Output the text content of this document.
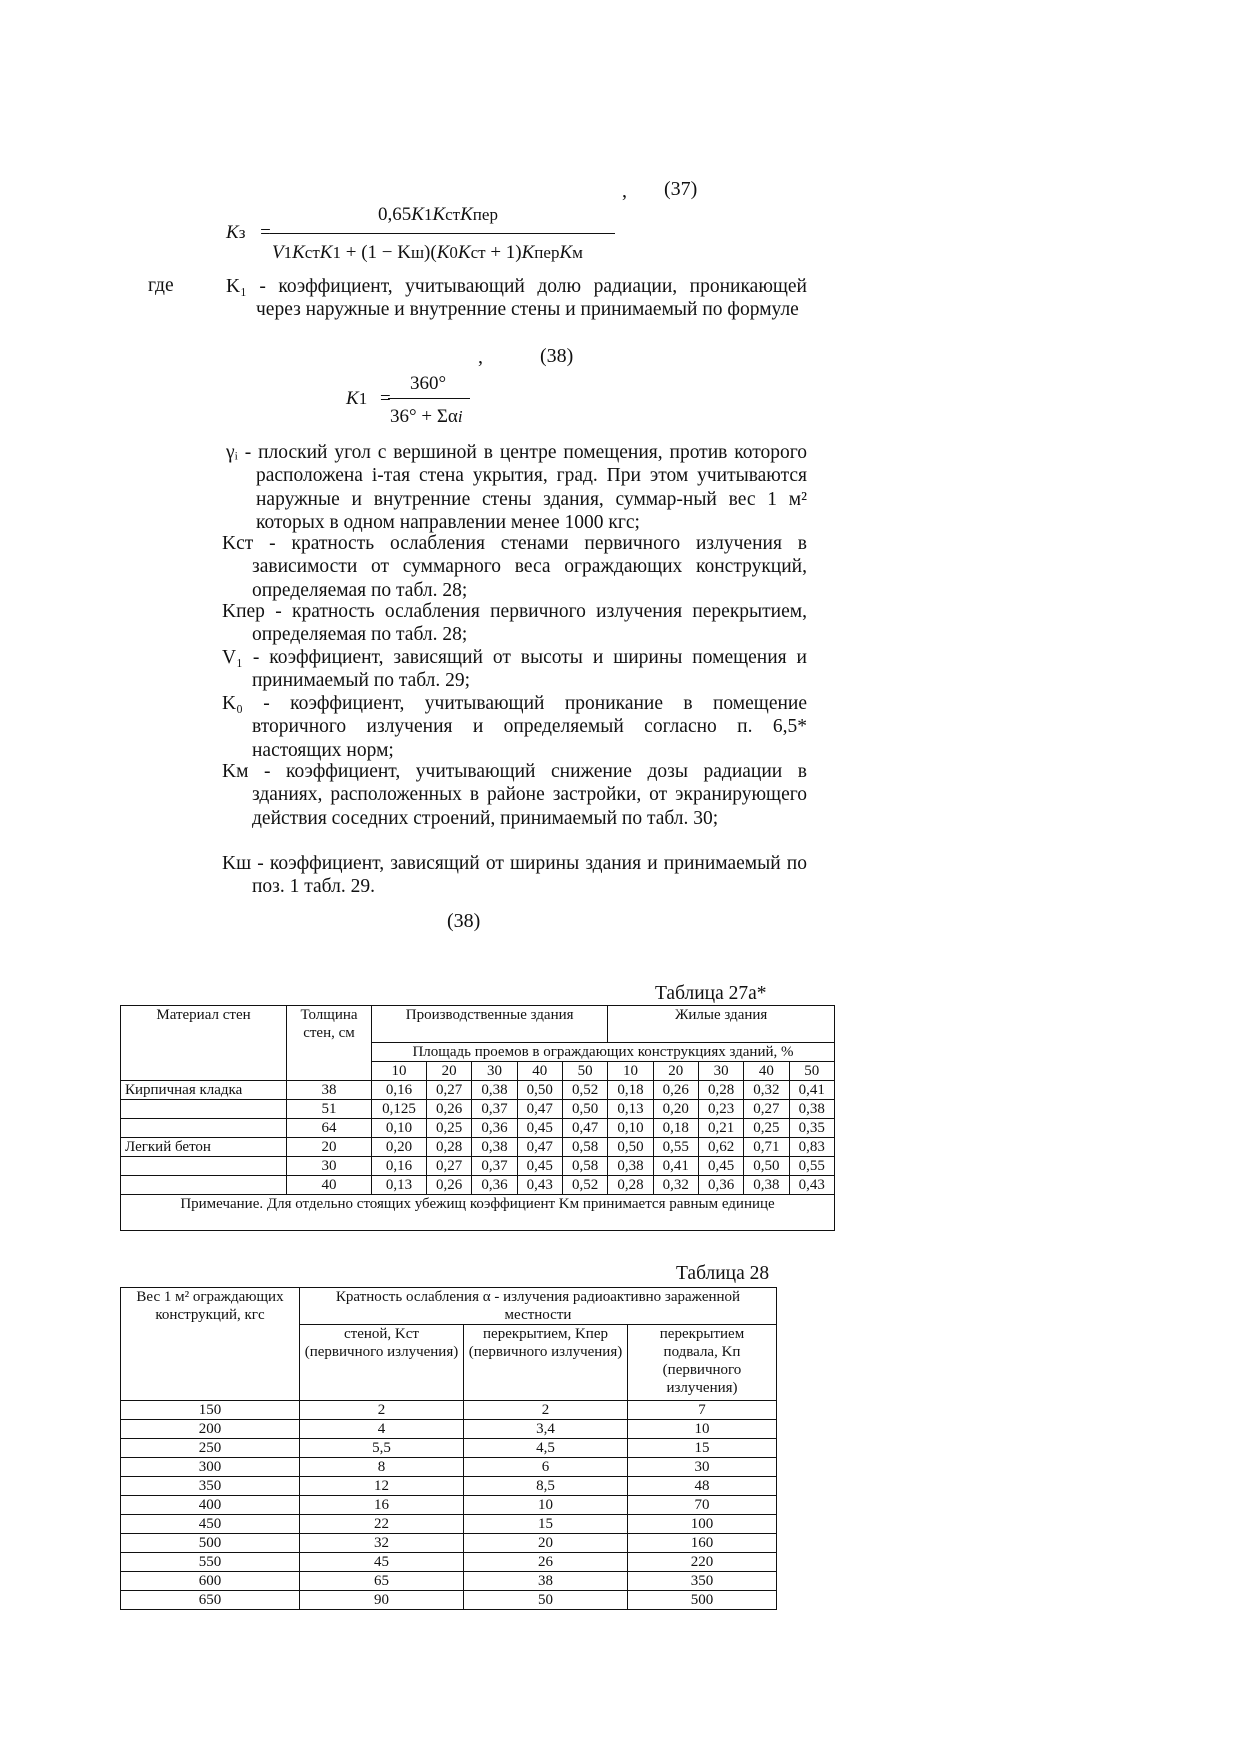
, (37)
Kз =
0,65K1KстKпер
V1KстK1 + (1 − Kш)(K0Kст + 1)KперKм
где	K₁ - коэффициент, учитывающий долю радиации, проникающей через наружные и внутренние стены и принимаемый по формуле
,	(38)
K1 =
360°
36° + Σαi
γᵢ - плоский угол с вершиной в центре помещения, против которого расположена i-тая стена укрытия, град. При этом учитываются наружные и внутренние стены здания, суммар-ный вес 1 м² которых в одном направлении менее 1000 кгс;
Kст - кратность ослабления стенами первичного излучения в зависимости от суммарного веса ограждающих конструкций, определяемая по табл. 28;
Kпер - кратность ослабления первичного излучения перекрытием, определяемая по табл. 28;
V₁ - коэффициент, зависящий от высоты и ширины помещения и принимаемый по табл. 29;
K₀ - коэффициент, учитывающий проникание в помещение вторичного излучения и определяемый согласно п. 6,5* настоящих норм;
Kм - коэффициент, учитывающий снижение дозы радиации в зданиях, расположенных в районе застройки, от экранирующего действия соседних строений, принимаемый по табл. 30;
Kш - коэффициент, зависящий от ширины здания и принимаемый по поз. 1 табл. 29.
(38)
Таблица 27а*
Материал стен	Толщина стен, см	Производственные здания					Жилые здания				
		Площадь проемов в ограждающих конструкциях зданий, %									
		10	20	30	40	50	10	20	30	40	50
Кирпичная кладка	38	0,16	0,27	0,38	0,50	0,52	0,18	0,26	0,28	0,32	0,41
	51	0,125	0,26	0,37	0,47	0,50	0,13	0,20	0,23	0,27	0,38
	64	0,10	0,25	0,36	0,45	0,47	0,10	0,18	0,21	0,25	0,35
Легкий бетон	20	0,20	0,28	0,38	0,47	0,58	0,50	0,55	0,62	0,71	0,83
	30	0,16	0,27	0,37	0,45	0,58	0,38	0,41	0,45	0,50	0,55
	40	0,13	0,26	0,36	0,43	0,52	0,28	0,32	0,36	0,38	0,43
Примечание. Для отдельно стоящих убежищ коэффициент Kм принимается равным единице											
Таблица 28
Вес 1 м² ограждающих конструкций, кгс	Кратность ослабления α - излучения радиоактивно зараженной местности		
	стеной, Kст (первичного излучения)	перекрытием, Kпер (первичного излучения)	перекрытием подвала, Kп (первичного излучения)
150	2	2	7
200	4	3,4	10
250	5,5	4,5	15
300	8	6	30
350	12	8,5	48
400	16	10	70
450	22	15	100
500	32	20	160
550	45	26	220
600	65	38	350
650	90	50	500
